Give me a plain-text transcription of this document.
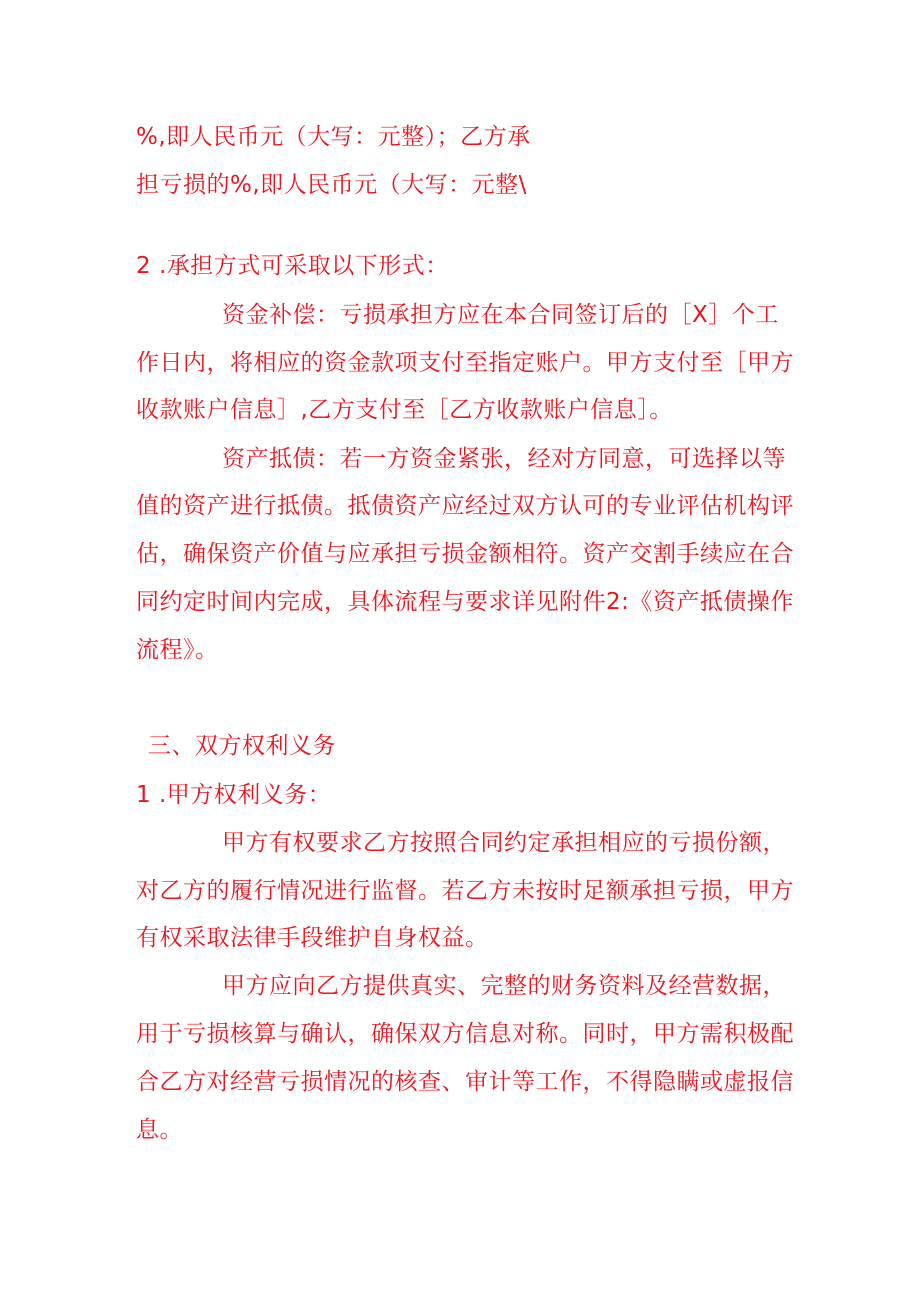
%,即人民币元（大写：元整）；乙方承
担亏损的%,即人民币元（大写：元整\
2 .承担方式可采取以下形式：
资金补偿：亏损承担方应在本合同签订后的［X］个工
作日内，将相应的资金款项支付至指定账户。甲方支付至［甲方
收款账户信息］,乙方支付至［乙方收款账户信息］。
资产抵债：若一方资金紧张，经对方同意，可选择以等
值的资产进行抵债。抵债资产应经过双方认可的专业评估机构评
估，确保资产价值与应承担亏损金额相符。资产交割手续应在合
同约定时间内完成，具体流程与要求详见附件2:《资产抵债操作
流程》。
三、双方权利义务
1 .甲方权利义务：
甲方有权要求乙方按照合同约定承担相应的亏损份额，
对乙方的履行情况进行监督。若乙方未按时足额承担亏损，甲方
有权采取法律手段维护自身权益。
甲方应向乙方提供真实、完整的财务资料及经营数据，
用于亏损核算与确认，确保双方信息对称。同时，甲方需积极配
合乙方对经营亏损情况的核查、审计等工作，不得隐瞒或虚报信
息。
